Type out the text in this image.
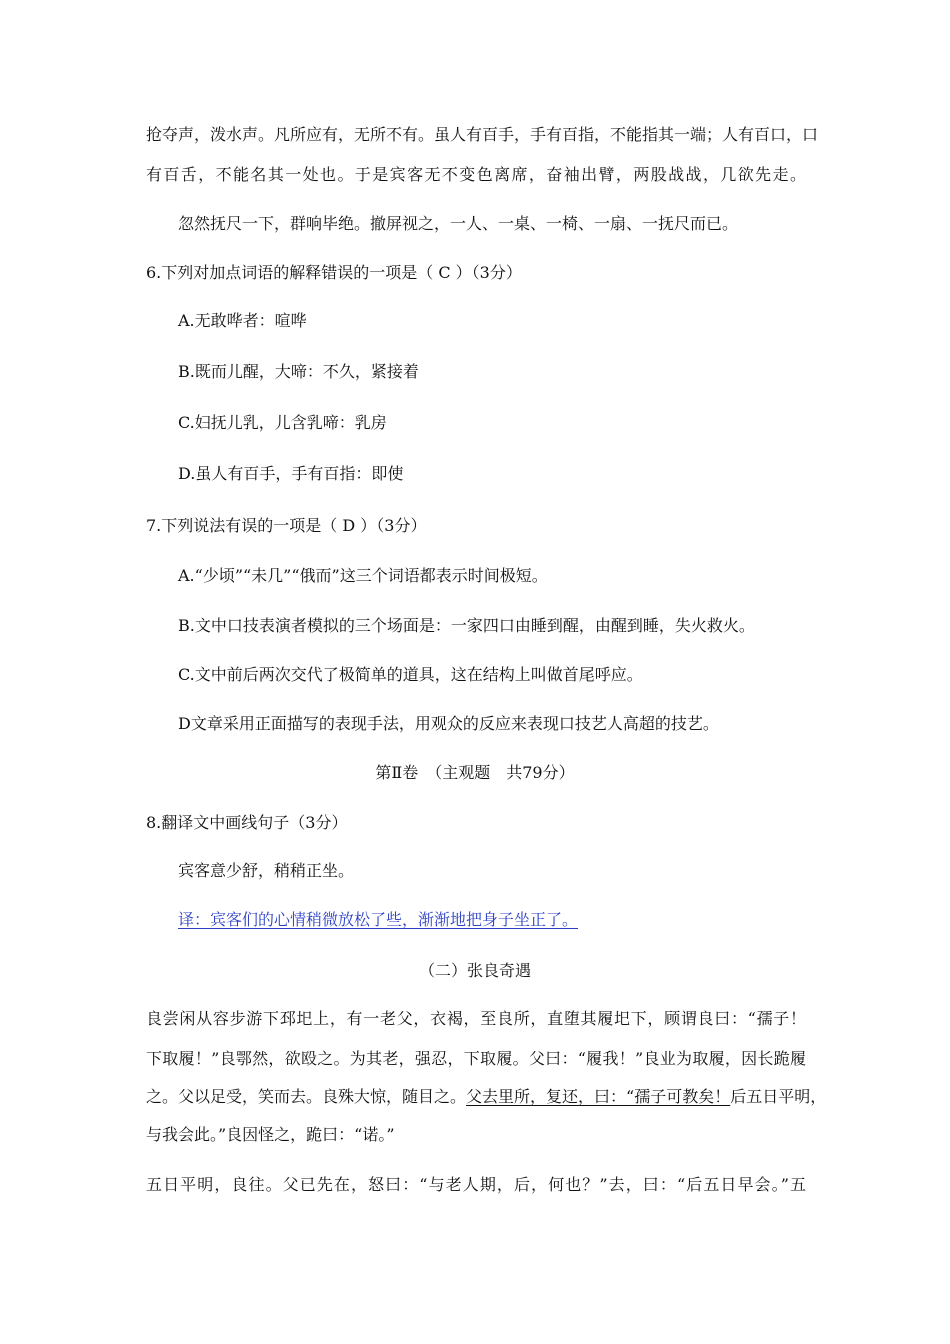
抢夺声，泼水声。凡所应有，无所不有。虽人有百手，手有百指，不能指其一端；人有百口，口
有百舌，不能名其一处也。于是宾客无不变色离席，奋袖出臂，两股战战，几欲先走。
忽然抚尺一下，群响毕绝。撤屏视之，一人、一桌、一椅、一扇、一抚尺而已。
6.下列对加点词语的解释错误的一项是（ C ）（3分）
A.无敢哗者：喧哗
B.既而儿醒，大啼：不久，紧接着
C.妇抚儿乳，儿含乳啼：乳房
D.虽人有百手，手有百指：即使
7.下列说法有误的一项是（ D ）（3分）
A.“少顷”“未几”“俄而”这三个词语都表示时间极短。
B.文中口技表演者模拟的三个场面是：一家四口由睡到醒，由醒到睡，失火救火。
C.文中前后两次交代了极简单的道具，这在结构上叫做首尾呼应。
D文章采用正面描写的表现手法，用观众的反应来表现口技艺人高超的技艺。
第Ⅱ卷　（主观题　共79分）
8.翻译文中画线句子（3分）
宾客意少舒，稍稍正坐。
译：宾客们的心情稍微放松了些，渐渐地把身子坐正了。
（二）张良奇遇
良尝闲从容步游下邳圯上，有一老父，衣褐，至良所，直堕其履圯下，顾谓良曰：“孺子！
下取履！”良鄂然，欲殴之。为其老，强忍，下取履。父曰：“履我！”良业为取履，因长跪履
之。父以足受，笑而去。良殊大惊，随目之。父去里所，复还，曰：“孺子可教矣！后五日平明，
与我会此。”良因怪之，跪曰：“诺。”
五日平明，良往。父已先在，怒曰：“与老人期，后，何也？”去，曰：“后五日早会。”五
